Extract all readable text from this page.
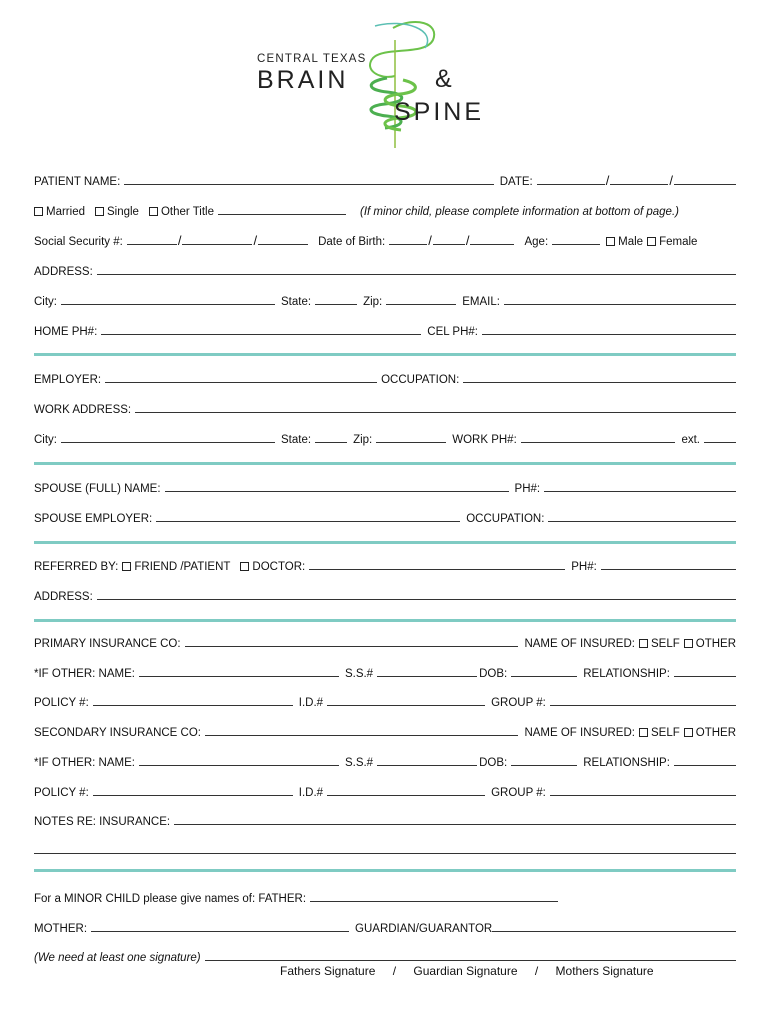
CENTRAL TEXAS
BRAIN	&
SPINE
PATIENT NAME:	DATE:	/	/
Married	Single	Other Title	(If minor child, please complete information at bottom of page.)
Social Security #:	/	/	Date of Birth:	/	/	Age:	Male	Female
ADDRESS:
City:	State:	Zip:	EMAIL:
HOME PH#:	CEL PH#:
EMPLOYER:	OCCUPATION:
WORK ADDRESS:
City:	State:	Zip:	WORK PH#:	ext.
SPOUSE (FULL) NAME:	PH#:
SPOUSE EMPLOYER:	OCCUPATION:
REFERRED BY:	FRIEND /PATIENT	DOCTOR:	PH#:
ADDRESS:
PRIMARY INSURANCE CO:	NAME OF INSURED:	SELF	OTHER
*IF OTHER: NAME:	S.S.#	DOB:	RELATIONSHIP:
POLICY #:	I.D.#	GROUP #:
SECONDARY INSURANCE CO:	NAME OF INSURED:	SELF	OTHER
*IF OTHER: NAME:	S.S.#	DOB:	RELATIONSHIP:
POLICY #:	I.D.#	GROUP #:
NOTES RE: INSURANCE:
For a MINOR CHILD please give names of: FATHER:
MOTHER:	GUARDIAN/GUARANTOR
(We need at least one signature)
Fathers Signature / Guardian Signature / Mothers Signature
